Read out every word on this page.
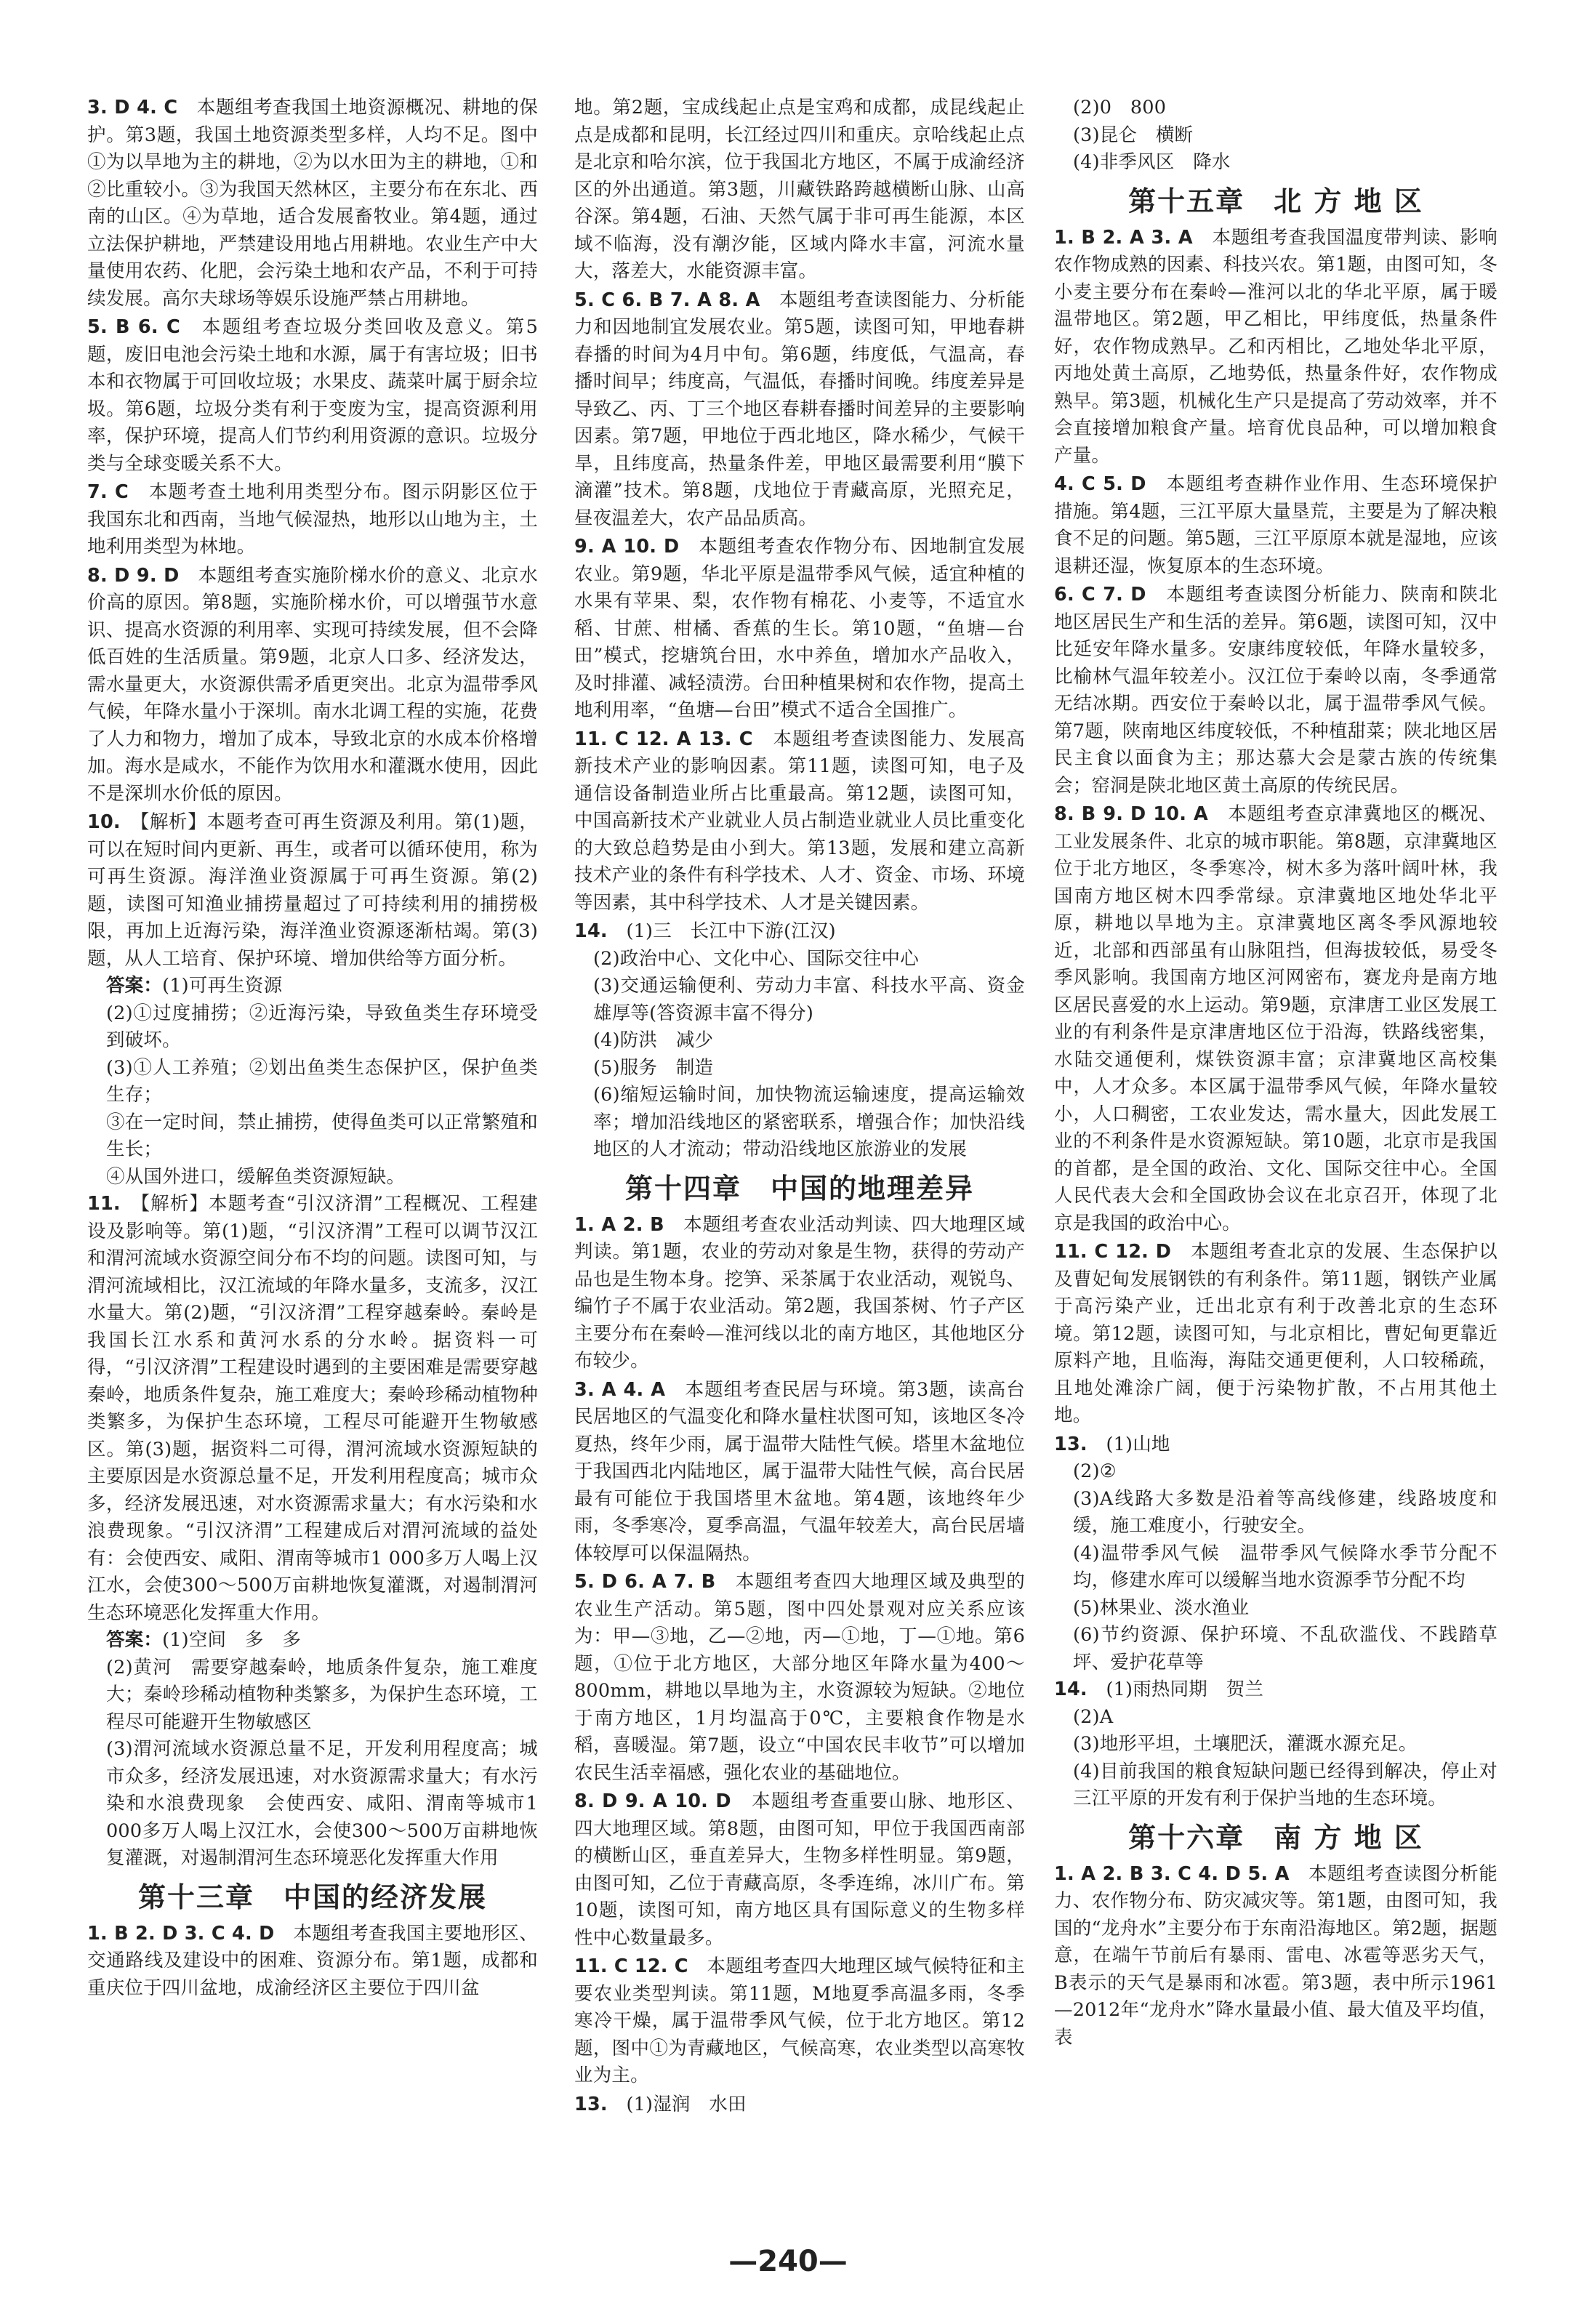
3. D 4. C　 本题组考查我国土地资源概况、耕地的保护。第3题，我国土地资源类型多样，人均不足。图中①为以旱地为主的耕地，②为以水田为主的耕地，①和②比重较小。③为我国天然林区，主要分布在东北、西南的山区。④为草地，适合发展畜牧业。第4题，通过立法保护耕地，严禁建设用地占用耕地。农业生产中大量使用农药、化肥，会污染土地和农产品，不利于可持续发展。高尔夫球场等娱乐设施严禁占用耕地。

5. B 6. C　 本题组考查垃圾分类回收及意义。第5题，废旧电池会污染土地和水源，属于有害垃圾；旧书本和衣物属于可回收垃圾；水果皮、蔬菜叶属于厨余垃圾。第6题，垃圾分类有利于变废为宝，提高资源利用率，保护环境，提高人们节约利用资源的意识。垃圾分类与全球变暖关系不大。

7. C　 本题考查土地利用类型分布。图示阴影区位于我国东北和西南，当地气候湿热，地形以山地为主，土地利用类型为林地。

8. D 9. D　 本题组考查实施阶梯水价的意义、北京水价高的原因。第8题，实施阶梯水价，可以增强节水意识、提高水资源的利用率、实现可持续发展，但不会降低百姓的生活质量。第9题，北京人口多、经济发达，需水量更大，水资源供需矛盾更突出。北京为温带季风气候，年降水量小于深圳。南水北调工程的实施，花费了人力和物力，增加了成本，导致北京的水成本价格增加。海水是咸水，不能作为饮用水和灌溉水使用，因此不是深圳水价低的原因。

10.　 【解析】本题考查可再生资源及利用。第(1)题，可以在短时间内更新、再生，或者可以循环使用，称为可再生资源。海洋渔业资源属于可再生资源。第(2)题，读图可知渔业捕捞量超过了可持续利用的捕捞极限，再加上近海污染，海洋渔业资源逐渐枯竭。第(3)题，从人工培育、保护环境、增加供给等方面分析。

答案：(1)可再生资源

(2)①过度捕捞；②近海污染，导致鱼类生存环境受到破坏。

(3)①人工养殖；②划出鱼类生态保护区，保护鱼类生存；

③在一定时间，禁止捕捞，使得鱼类可以正常繁殖和生长；

④从国外进口，缓解鱼类资源短缺。

11.　 【解析】本题考查“引汉济渭”工程概况、工程建设及影响等。第(1)题，“引汉济渭”工程可以调节汉江和渭河流域水资源空间分布不均的问题。读图可知，与渭河流域相比，汉江流域的年降水量多，支流多，汉江水量大。第(2)题，“引汉济渭”工程穿越秦岭。秦岭是我国长江水系和黄河水系的分水岭。据资料一可得，“引汉济渭”工程建设时遇到的主要困难是需要穿越秦岭，地质条件复杂，施工难度大；秦岭珍稀动植物种类繁多，为保护生态环境，工程尽可能避开生物敏感区。第(3)题，据资料二可得，渭河流域水资源短缺的主要原因是水资源总量不足，开发利用程度高；城市众多，经济发展迅速，对水资源需求量大；有水污染和水浪费现象。“引汉济渭”工程建成后对渭河流域的益处有：会使西安、咸阳、渭南等城市1 000多万人喝上汉江水，会使300～500万亩耕地恢复灌溉，对遏制渭河生态环境恶化发挥重大作用。

答案：(1)空间　多　多

(2)黄河　需要穿越秦岭，地质条件复杂，施工难度大；秦岭珍稀动植物种类繁多，为保护生态环境，工程尽可能避开生物敏感区

(3)渭河流域水资源总量不足，开发利用程度高；城市众多，经济发展迅速，对水资源需求量大；有水污染和水浪费现象　会使西安、咸阳、渭南等城市1 000多万人喝上汉江水，会使300～500万亩耕地恢复灌溉，对遏制渭河生态环境恶化发挥重大作用

第十三章　中国的经济发展

1. B 2. D 3. C 4. D　 本题组考查我国主要地形区、交通路线及建设中的困难、资源分布。第1题，成都和重庆位于四川盆地，成渝经济区主要位于四川盆

地。第2题，宝成线起止点是宝鸡和成都，成昆线起止点是成都和昆明，长江经过四川和重庆。京哈线起止点是北京和哈尔滨，位于我国北方地区，不属于成渝经济区的外出通道。第3题，川藏铁路跨越横断山脉、山高谷深。第4题，石油、天然气属于非可再生能源，本区域不临海，没有潮汐能，区域内降水丰富，河流水量大，落差大，水能资源丰富。

5. C 6. B 7. A 8. A　 本题组考查读图能力、分析能力和因地制宜发展农业。第5题，读图可知，甲地春耕春播的时间为4月中旬。第6题，纬度低，气温高，春播时间早；纬度高，气温低，春播时间晚。纬度差异是导致乙、丙、丁三个地区春耕春播时间差异的主要影响因素。第7题，甲地位于西北地区，降水稀少，气候干旱，且纬度高，热量条件差，甲地区最需要利用“膜下滴灌”技术。第8题，戊地位于青藏高原，光照充足，昼夜温差大，农产品品质高。

9. A 10. D　 本题组考查农作物分布、因地制宜发展农业。第9题，华北平原是温带季风气候，适宜种植的水果有苹果、梨，农作物有棉花、小麦等，不适宜水稻、甘蔗、柑橘、香蕉的生长。第10题，“鱼塘—台田”模式，挖塘筑台田，水中养鱼，增加水产品收入，及时排灌、减轻渍涝。台田种植果树和农作物，提高土地利用率，“鱼塘—台田”模式不适合全国推广。

11. C 12. A 13. C　 本题组考查读图能力、发展高新技术产业的影响因素。第11题，读图可知，电子及通信设备制造业所占比重最高。第12题，读图可知，中国高新技术产业就业人员占制造业就业人员比重变化的大致总趋势是由小到大。第13题，发展和建立高新技术产业的条件有科学技术、人才、资金、市场、环境等因素，其中科学技术、人才是关键因素。

14.　 (1)三　长江中下游(江汉)

(2)政治中心、文化中心、国际交往中心

(3)交通运输便利、劳动力丰富、科技水平高、资金雄厚等(答资源丰富不得分)

(4)防洪　减少

(5)服务　制造

(6)缩短运输时间，加快物流运输速度，提高运输效率；增加沿线地区的紧密联系，增强合作；加快沿线地区的人才流动；带动沿线地区旅游业的发展

第十四章　中国的地理差异

1. A 2. B　 本题组考查农业活动判读、四大地理区域判读。第1题，农业的劳动对象是生物，获得的劳动产品也是生物本身。挖笋、采茶属于农业活动，观锐鸟、编竹子不属于农业活动。第2题，我国茶树、竹子产区主要分布在秦岭—淮河线以北的南方地区，其他地区分布较少。

3. A 4. A　 本题组考查民居与环境。第3题，读高台民居地区的气温变化和降水量柱状图可知，该地区冬冷夏热，终年少雨，属于温带大陆性气候。塔里木盆地位于我国西北内陆地区，属于温带大陆性气候，高台民居最有可能位于我国塔里木盆地。第4题，该地终年少雨，冬季寒冷，夏季高温，气温年较差大，高台民居墙体较厚可以保温隔热。

5. D 6. A 7. B　 本题组考查四大地理区域及典型的农业生产活动。第5题，图中四处景观对应关系应该为：甲—③地，乙—②地，丙—①地，丁—①地。第6题，①位于北方地区，大部分地区年降水量为400～800mm，耕地以旱地为主，水资源较为短缺。②地位于南方地区，1月均温高于0℃，主要粮食作物是水稻，喜暖湿。第7题，设立“中国农民丰收节”可以增加农民生活幸福感，强化农业的基础地位。

8. D 9. A 10. D　 本题组考查重要山脉、地形区、四大地理区域。第8题，由图可知，甲位于我国西南部的横断山区，垂直差异大，生物多样性明显。第9题，由图可知，乙位于青藏高原，冬季连绵，冰川广布。第10题，读图可知，南方地区具有国际意义的生物多样性中心数量最多。

11. C 12. C　 本题组考查四大地理区域气候特征和主要农业类型判读。第11题，M地夏季高温多雨，冬季寒冷干燥，属于温带季风气候，位于北方地区。第12题，图中①为青藏地区，气候高寒，农业类型以高寒牧业为主。

13.　 (1)湿润　水田

(2)0　800

(3)昆仑　横断

(4)非季风区　降水

第十五章　北 方 地 区

1. B 2. A 3. A　 本题组考查我国温度带判读、影响农作物成熟的因素、科技兴农。第1题，由图可知，冬小麦主要分布在秦岭—淮河以北的华北平原，属于暖温带地区。第2题，甲乙相比，甲纬度低，热量条件好，农作物成熟早。乙和丙相比，乙地处华北平原，丙地处黄土高原，乙地势低，热量条件好，农作物成熟早。第3题，机械化生产只是提高了劳动效率，并不会直接增加粮食产量。培育优良品种，可以增加粮食产量。

4. C 5. D　 本题组考查耕作业作用、生态环境保护措施。第4题，三江平原大量垦荒，主要是为了解决粮食不足的问题。第5题，三江平原原本就是湿地，应该退耕还湿，恢复原本的生态环境。

6. C 7. D　 本题组考查读图分析能力、陕南和陕北地区居民生产和生活的差异。第6题，读图可知，汉中比延安年降水量多。安康纬度较低，年降水量较多，比榆林气温年较差小。汉江位于秦岭以南，冬季通常无结冰期。西安位于秦岭以北，属于温带季风气候。第7题，陕南地区纬度较低，不种植甜菜；陕北地区居民主食以面食为主；那达慕大会是蒙古族的传统集会；窑洞是陕北地区黄土高原的传统民居。

8. B 9. D 10. A　 本题组考查京津冀地区的概况、工业发展条件、北京的城市职能。第8题，京津冀地区位于北方地区，冬季寒冷，树木多为落叶阔叶林，我国南方地区树木四季常绿。京津冀地区地处华北平原，耕地以旱地为主。京津冀地区离冬季风源地较近，北部和西部虽有山脉阻挡，但海拔较低，易受冬季风影响。我国南方地区河网密布，赛龙舟是南方地区居民喜爱的水上运动。第9题，京津唐工业区发展工业的有利条件是京津唐地区位于沿海，铁路线密集，水陆交通便利，煤铁资源丰富；京津冀地区高校集中，人才众多。本区属于温带季风气候，年降水量较小，人口稠密，工农业发达，需水量大，因此发展工业的不利条件是水资源短缺。第10题，北京市是我国的首都，是全国的政治、文化、国际交往中心。全国人民代表大会和全国政协会议在北京召开，体现了北京是我国的政治中心。

11. C 12. D　 本题组考查北京的发展、生态保护以及曹妃甸发展钢铁的有利条件。第11题，钢铁产业属于高污染产业，迁出北京有利于改善北京的生态环境。第12题，读图可知，与北京相比，曹妃甸更靠近原料产地，且临海，海陆交通更便利，人口较稀疏，且地处滩涂广阔，便于污染物扩散，不占用其他土地。

13.　 (1)山地

(2)②

(3)A线路大多数是沿着等高线修建，线路坡度和缓，施工难度小，行驶安全。

(4)温带季风气候　温带季风气候降水季节分配不均，修建水库可以缓解当地水资源季节分配不均

(5)林果业、淡水渔业

(6)节约资源、保护环境、不乱砍滥伐、不践踏草坪、爱护花草等

14.　 (1)雨热同期　贺兰

(2)A

(3)地形平坦，土壤肥沃，灌溉水源充足。

(4)目前我国的粮食短缺问题已经得到解决，停止对三江平原的开发有利于保护当地的生态环境。

第十六章　南 方 地 区

1. A 2. B 3. C 4. D 5. A　 本题组考查读图分析能力、农作物分布、防灾减灾等。第1题，由图可知，我国的“龙舟水”主要分布于东南沿海地区。第2题，据题意，在端午节前后有暴雨、雷电、冰雹等恶劣天气，B表示的天气是暴雨和冰雹。第3题，表中所示1961—2012年“龙舟水”降水量最小值、最大值及平均值，表

—240—
